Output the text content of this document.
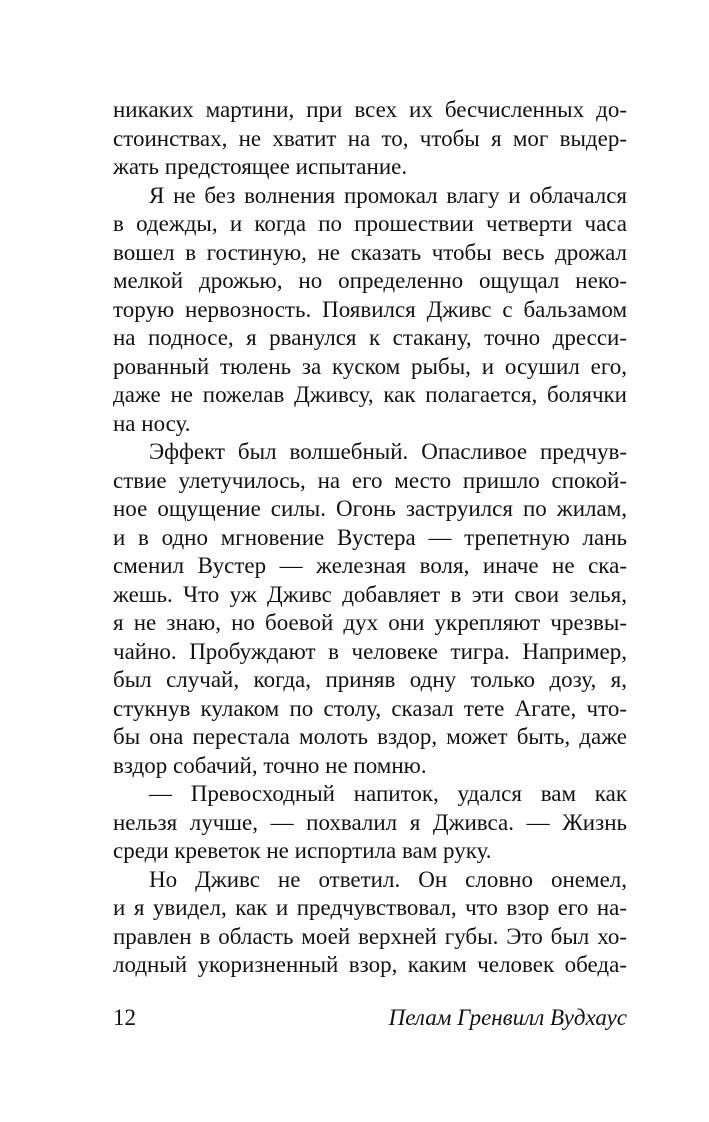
никаких мартини, при всех их бесчисленных до-
стоинствах, не хватит на то, чтобы я мог выдер-
жать предстоящее испытание.
Я не без волнения промокал влагу и облачался
в одежды, и когда по прошествии четверти часа
вошел в гостиную, не сказать чтобы весь дрожал
мелкой дрожью, но определенно ощущал неко-
торую нервозность. Появился Дживс с бальзамом
на подносе, я рванулся к стакану, точно дресси-
рованный тюлень за куском рыбы, и осушил его,
даже не пожелав Дживсу, как полагается, болячки
на носу.
Эффект был волшебный. Опасливое предчув-
ствие улетучилось, на его место пришло спокой-
ное ощущение силы. Огонь заструился по жилам,
и в одно мгновение Вустера — трепетную лань
сменил Вустер — железная воля, иначе не ска-
жешь. Что уж Дживс добавляет в эти свои зелья,
я не знаю, но боевой дух они укрепляют чрезвы-
чайно. Пробуждают в человеке тигра. Например,
был случай, когда, приняв одну только дозу, я,
стукнув кулаком по столу, сказал тете Агате, что-
бы она перестала молоть вздор, может быть, даже
вздор собачий, точно не помню.
— Превосходный напиток, удался вам как
нельзя лучше, — похвалил я Дживса. — Жизнь
среди креветок не испортила вам руку.
Но Дживс не ответил. Он словно онемел,
и я увидел, как и предчувствовал, что взор его на-
правлен в область моей верхней губы. Это был хо-
лодный укоризненный взор, каким человек обеда-
12	Пелам Гренвилл Вудхаус
